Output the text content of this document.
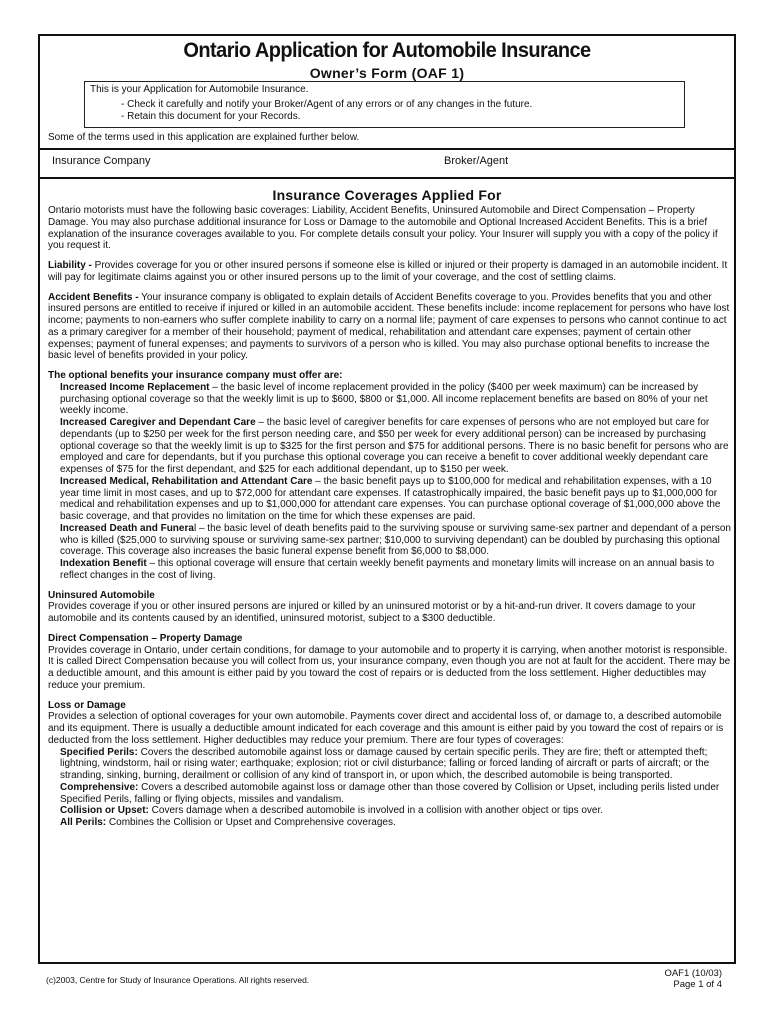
Ontario Application for Automobile Insurance
Owner’s Form (OAF 1)
This is your Application for Automobile Insurance.
- Check it carefully and notify your Broker/Agent of any errors or of any changes in the future.
- Retain this document for your Records.
Some of the terms used in this application are explained further below.
Insurance Company	Broker/Agent
Insurance Coverages Applied For

Ontario motorists must have the following basic coverages: Liability, Accident Benefits, Uninsured Automobile and Direct Compensation – Property Damage. You may also purchase additional insurance for Loss or Damage to the automobile and Optional Increased Accident Benefits. This is a brief explanation of the insurance coverages available to you. For complete details consult your policy. Your Insurer will supply you with a copy of the policy if you request it.

Liability - Provides coverage for you or other insured persons if someone else is killed or injured or their property is damaged in an automobile incident. It will pay for legitimate claims against you or other insured persons up to the limit of your coverage, and the cost of settling claims.

Accident Benefits - Your insurance company is obligated to explain details of Accident Benefits coverage to you. Provides benefits that you and other insured persons are entitled to receive if injured or killed in an automobile accident. These benefits include: income replacement for persons who have lost income; payments to non-earners who suffer complete inability to carry on a normal life; payment of care expenses to persons who cannot continue to act as a primary caregiver for a member of their household; payment of medical, rehabilitation and attendant care expenses; payment of certain other expenses; payment of funeral expenses; and payments to survivors of a person who is killed. You may also purchase optional benefits to increase the basic level of benefits provided in your policy.

The optional benefits your insurance company must offer are:
Increased Income Replacement – the basic level of income replacement provided in the policy ($400 per week maximum) can be increased by purchasing optional coverage so that the weekly limit is up to $600, $800 or $1,000. All income replacement benefits are based on 80% of your net weekly income.
Increased Caregiver and Dependant Care – the basic level of caregiver benefits for care expenses of persons who are not employed but care for dependants (up to $250 per week for the first person needing care, and $50 per week for every additional person) can be increased by purchasing optional coverage so that the weekly limit is up to $325 for the first person and $75 for additional persons. There is no basic benefit for persons who are employed and care for dependants, but if you purchase this optional coverage you can receive a benefit to cover additional weekly dependant care expenses of $75 for the first dependant, and $25 for each additional dependant, up to $150 per week.
Increased Medical, Rehabilitation and Attendant Care – the basic benefit pays up to $100,000 for medical and rehabilitation expenses, with a 10 year time limit in most cases, and up to $72,000 for attendant care expenses. If catastrophically impaired, the basic benefit pays up to $1,000,000 for medical and rehabilitation expenses and up to $1,000,000 for attendant care expenses. You can purchase optional coverage of $1,000,000 above the basic coverage, and that provides no limitation on the time for which these expenses are paid.
Increased Death and Funeral – the basic level of death benefits paid to the surviving spouse or surviving same-sex partner and dependant of a person who is killed ($25,000 to surviving spouse or surviving same-sex partner; $10,000 to surviving dependant) can be doubled by purchasing this optional coverage. This coverage also increases the basic funeral expense benefit from $6,000 to $8,000.
Indexation Benefit – this optional coverage will ensure that certain weekly benefit payments and monetary limits will increase on an annual basis to reflect changes in the cost of living.
Uninsured Automobile
Provides coverage if you or other insured persons are injured or killed by an uninsured motorist or by a hit-and-run driver. It covers damage to your automobile and its contents caused by an identified, uninsured motorist, subject to a $300 deductible.
Direct Compensation – Property Damage
Provides coverage in Ontario, under certain conditions, for damage to your automobile and to property it is carrying, when another motorist is responsible. It is called Direct Compensation because you will collect from us, your insurance company, even though you are not at fault for the accident. There may be a deductible amount, and this amount is either paid by you toward the cost of repairs or is deducted from the loss settlement. Higher deductibles may reduce your premium.
Loss or Damage
Provides a selection of optional coverages for your own automobile. Payments cover direct and accidental loss of, or damage to, a described automobile and its equipment. There is usually a deductible amount indicated for each coverage and this amount is either paid by you toward the cost of repairs or is deducted from the loss settlement. Higher deductibles may reduce your premium. There are four types of coverages:
Specified Perils: Covers the described automobile against loss or damage caused by certain specific perils. They are fire; theft or attempted theft; lightning, windstorm, hail or rising water; earthquake; explosion; riot or civil disturbance; falling or forced landing of aircraft or parts of aircraft; or the stranding, sinking, burning, derailment or collision of any kind of transport in, or upon which, the described automobile is being transported.
Comprehensive: Covers a described automobile against loss or damage other than those covered by Collision or Upset, including perils listed under Specified Perils, falling or flying objects, missiles and vandalism.
Collision or Upset: Covers damage when a described automobile is involved in a collision with another object or tips over.
All Perils: Combines the Collision or Upset and Comprehensive coverages.
(c)2003, Centre for Study of Insurance Operations. All rights reserved.
OAF1 (10/03)
Page 1 of 4
